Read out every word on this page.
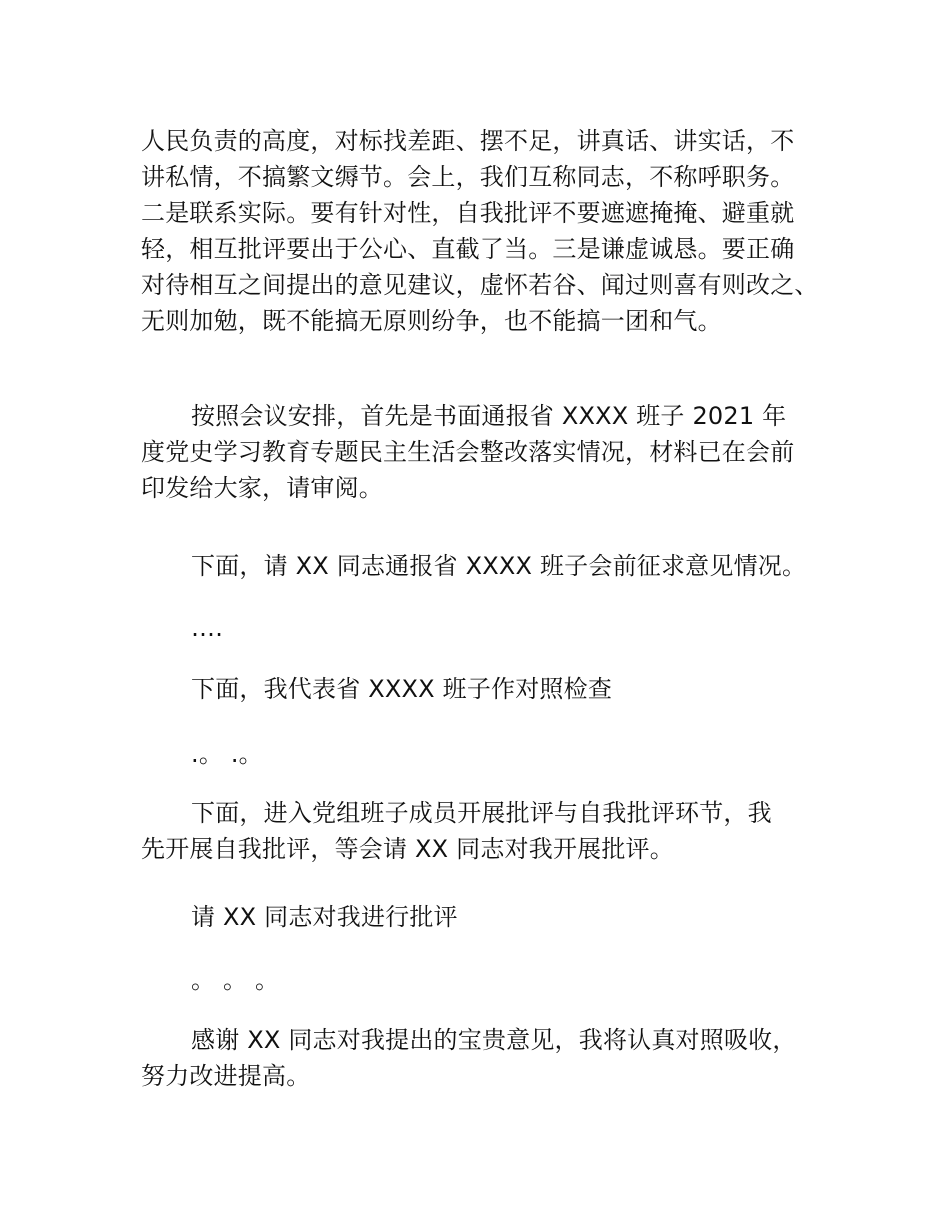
人民负责的高度，对标找差距、摆不足，讲真话、讲实话，不
讲私情，不搞繁文缛节。会上，我们互称同志，不称呼职务。
二是联系实际。要有针对性，自我批评不要遮遮掩掩、避重就
轻，相互批评要出于公心、直截了当。三是谦虚诚恳。要正确
对待相互之间提出的意见建议，虚怀若谷、闻过则喜有则改之、
无则加勉，既不能搞无原则纷争，也不能搞一团和气。
按照会议安排，首先是书面通报省 XXXX 班子 2021 年
度党史学习教育专题民主生活会整改落实情况，材料已在会前
印发给大家，请审阅。
下面，请 XX 同志通报省 XXXX 班子会前征求意见情况。
….
下面，我代表省 XXXX 班子作对照检查
.。 .。
下面，进入党组班子成员开展批评与自我批评环节，我
先开展自我批评，等会请 XX 同志对我开展批评。
请 XX 同志对我进行批评
。 。 。
感谢 XX 同志对我提出的宝贵意见，我将认真对照吸收，
努力改进提高。
